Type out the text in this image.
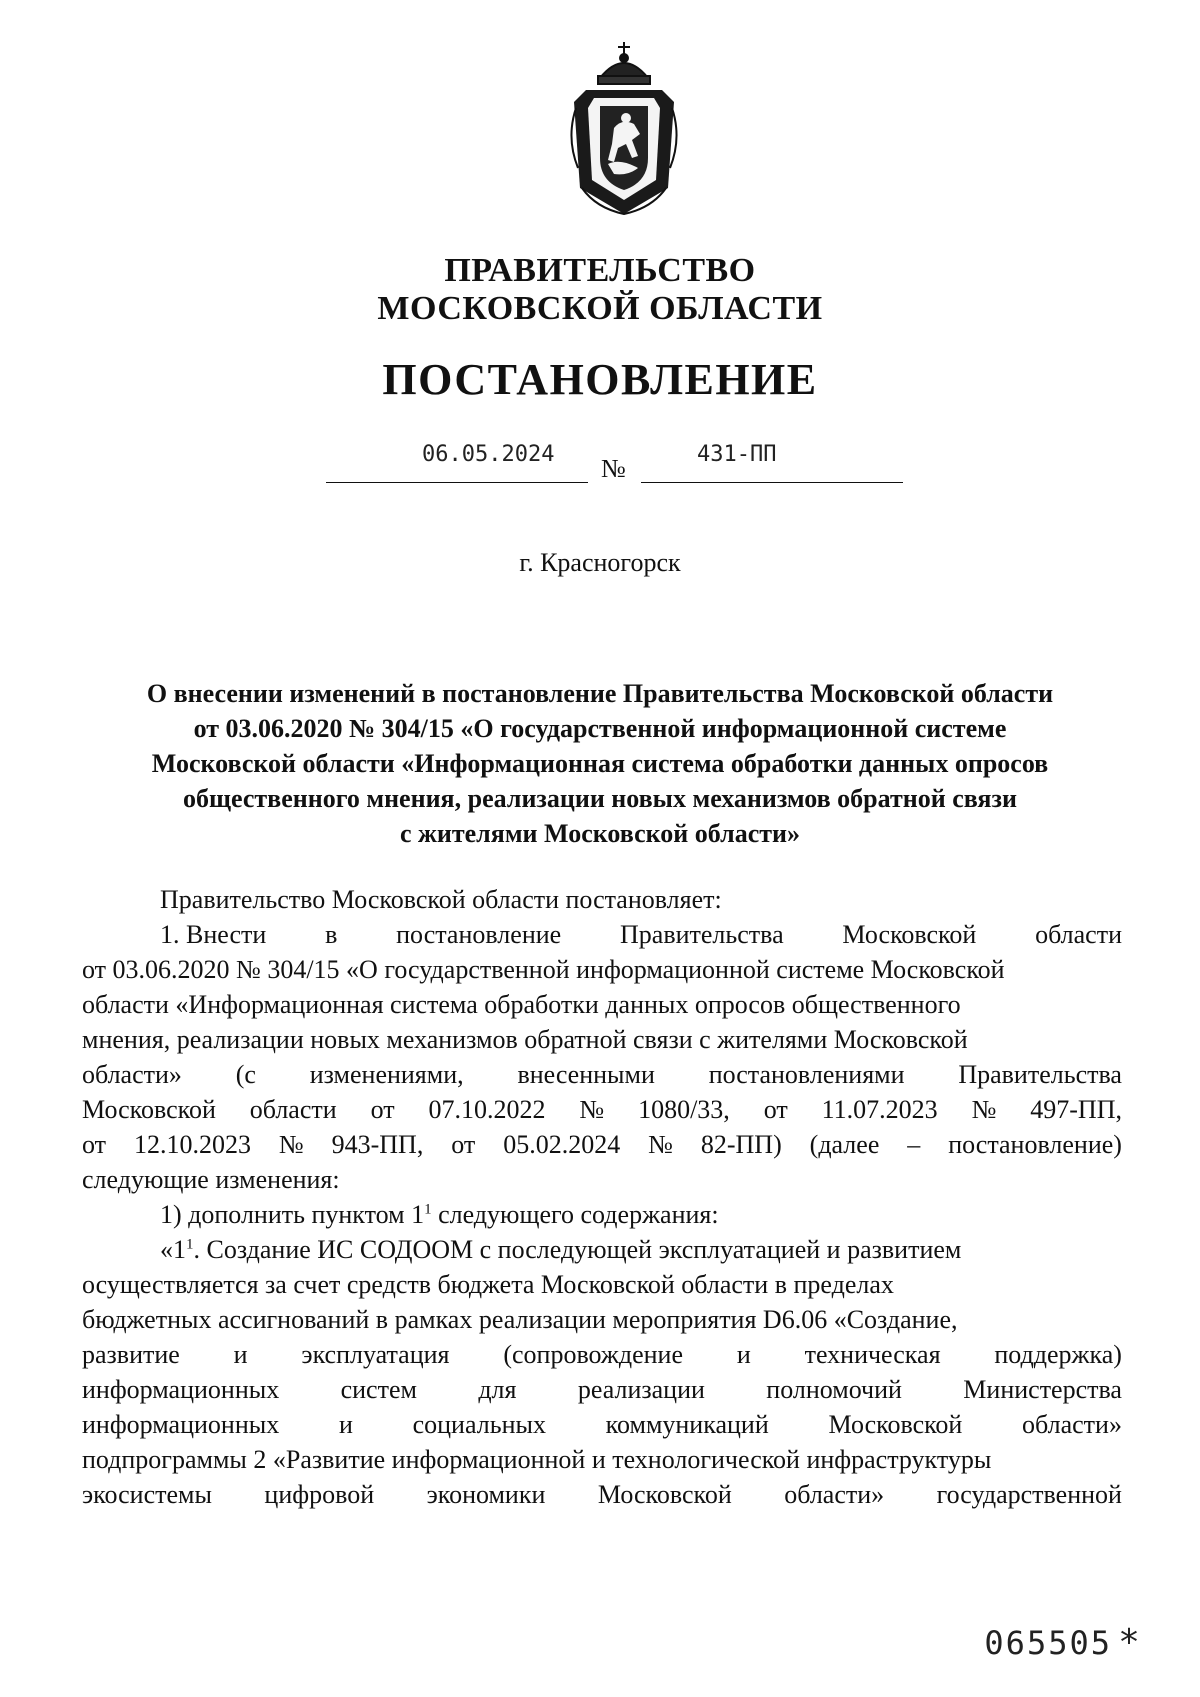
ПРАВИТЕЛЬСТВО
МОСКОВСКОЙ ОБЛАСТИ
ПОСТАНОВЛЕНИЕ
06.05.2024 №	431-ПП
г. Красногорск
О внесении изменений в постановление Правительства Московской области
от 03.06.2020 № 304/15 «О государственной информационной системе
Московской области «Информационная система обработки данных опросов
общественного мнения, реализации новых механизмов обратной связи
с жителями Московской области»
Правительство Московской области постановляет:
1. Внести в постановление Правительства Московской области
от 03.06.2020 № 304/15 «О государственной информационной системе Московской
области «Информационная система обработки данных опросов общественного
мнения, реализации новых механизмов обратной связи с жителями Московской
области» (с изменениями, внесенными постановлениями Правительства
Московской области от 07.10.2022 № 1080/33, от 11.07.2023 № 497-ПП,
от 12.10.2023 № 943-ПП, от 05.02.2024 № 82-ПП) (далее – постановление)
следующие изменения:
1) дополнить пунктом $1^1$ следующего содержания:
«$1^1$. Создание ИС СОДООМ с последующей эксплуатацией и развитием
осуществляется за счет средств бюджета Московской области в пределах
бюджетных ассигнований в рамках реализации мероприятия D6.06 «Создание,
развитие и эксплуатация (сопровождение и техническая поддержка)
информационных систем для реализации полномочий Министерства
информационных и социальных коммуникаций Московской области»
подпрограммы 2 «Развитие информационной и технологической инфраструктуры
экосистемы цифровой экономики Московской области» государственной
065505 *
